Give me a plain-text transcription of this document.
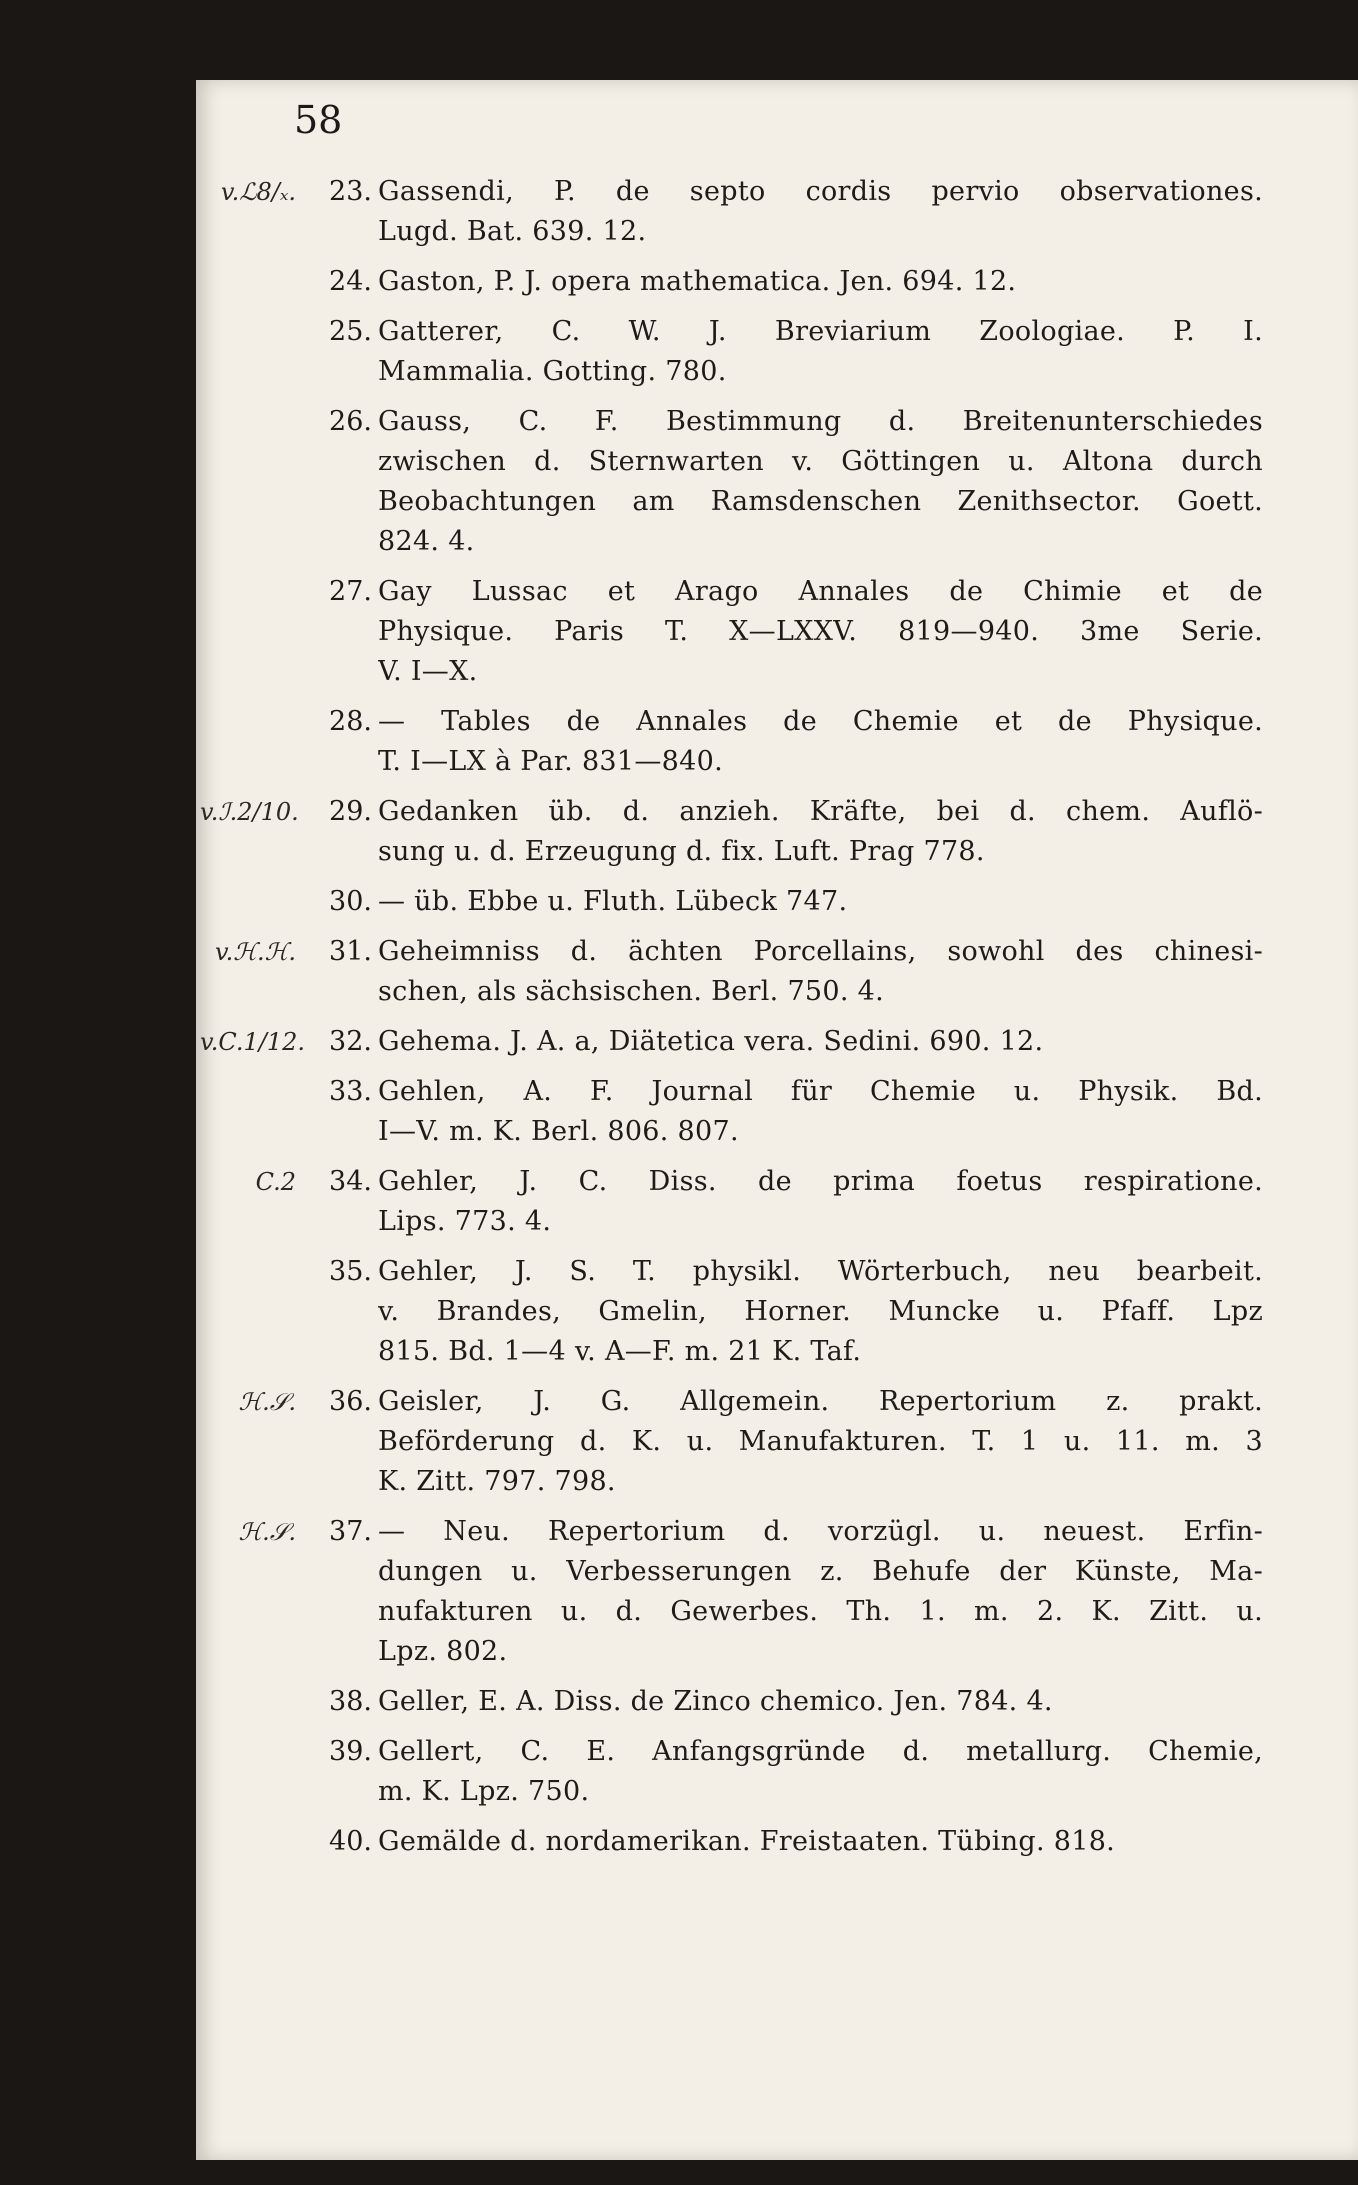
58
v.ℒ8/ₓ.	23. Gassendi, P. de septo cordis pervio observationes.
Lugd. Bat. 639. 12.
24. Gaston, P. J. opera mathematica. Jen. 694. 12.
25. Gatterer, C. W. J. Breviarium Zoologiae. P. I.
Mammalia. Gotting. 780.
26. Gauss, C. F. Bestimmung d. Breitenunterschiedes
zwischen d. Sternwarten v. Göttingen u. Altona durch
Beobachtungen am Ramsdenschen Zenithsector. Goett.
824. 4.
27. Gay Lussac et Arago Annales de Chimie et de
Physique. Paris T. X—LXXV. 819—940. 3me Serie.
V. I—X.
28. — Tables de Annales de Chemie et de Physique.
T. I—LX à Par. 831—840.
v.ℐ.2/10.	29. Gedanken üb. d. anzieh. Kräfte, bei d. chem. Auflö-
sung u. d. Erzeugung d. fix. Luft. Prag 778.
30. — üb. Ebbe u. Fluth. Lübeck 747.
v.ℋ.ℋ.	31. Geheimniss d. ächten Porcellains, sowohl des chinesi-
schen, als sächsischen. Berl. 750. 4.
v.C.1/12. 32. Gehema. J. A. a, Diätetica vera. Sedini. 690. 12.
33. Gehlen, A. F. Journal für Chemie u. Physik. Bd.
I—V. m. K. Berl. 806. 807.
C.2	34. Gehler, J. C. Diss. de prima foetus respiratione.
Lips. 773. 4.
35. Gehler, J. S. T. physikl. Wörterbuch, neu bearbeit.
v. Brandes, Gmelin, Horner. Muncke u. Pfaff. Lpz
815. Bd. 1—4 v. A—F. m. 21 K. Taf.
ℋ.𝒮.	36. Geisler, J. G. Allgemein. Repertorium z. prakt.
Beförderung d. K. u. Manufakturen. T. 1 u. 11. m. 3
K. Zitt. 797. 798.
ℋ.𝒮.	37. — Neu. Repertorium d. vorzügl. u. neuest. Erfin-
dungen u. Verbesserungen z. Behufe der Künste, Ma-
nufakturen u. d. Gewerbes. Th. 1. m. 2. K. Zitt. u.
Lpz. 802.
38. Geller, E. A. Diss. de Zinco chemico. Jen. 784. 4.
39. Gellert, C. E. Anfangsgründe d. metallurg. Chemie,
m. K. Lpz. 750.
40. Gemälde d. nordamerikan. Freistaaten. Tübing. 818.
